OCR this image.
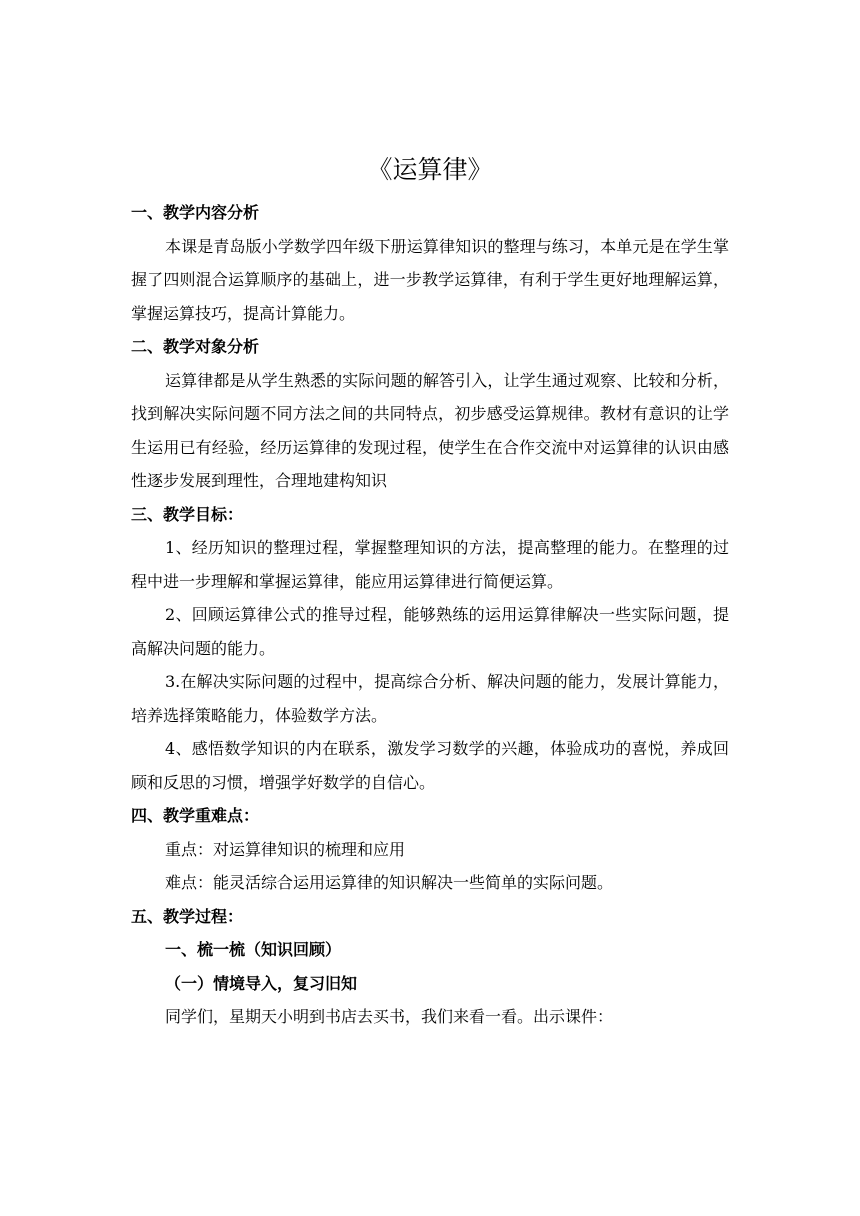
《运算律》

一、教学内容分析

本课是青岛版小学数学四年级下册运算律知识的整理与练习，本单元是在学生掌握了四则混合运算顺序的基础上，进一步教学运算律，有利于学生更好地理解运算，掌握运算技巧，提高计算能力。

二、教学对象分析

运算律都是从学生熟悉的实际问题的解答引入，让学生通过观察、比较和分析，找到解决实际问题不同方法之间的共同特点，初步感受运算规律。教材有意识的让学生运用已有经验，经历运算律的发现过程，使学生在合作交流中对运算律的认识由感性逐步发展到理性，合理地建构知识

三、教学目标：

1、经历知识的整理过程，掌握整理知识的方法，提高整理的能力。在整理的过程中进一步理解和掌握运算律，能应用运算律进行简便运算。

2、回顾运算律公式的推导过程，能够熟练的运用运算律解决一些实际问题，提高解决问题的能力。

3.在解决实际问题的过程中，提高综合分析、解决问题的能力，发展计算能力，培养选择策略能力，体验数学方法。

4、感悟数学知识的内在联系，激发学习数学的兴趣，体验成功的喜悦，养成回顾和反思的习惯，增强学好数学的自信心。

四、教学重难点：

重点：对运算律知识的梳理和应用

难点：能灵活综合运用运算律的知识解决一些简单的实际问题。

五、教学过程：

一、梳一梳（知识回顾）

（一）情境导入，复习旧知

同学们，星期天小明到书店去买书，我们来看一看。出示课件：
